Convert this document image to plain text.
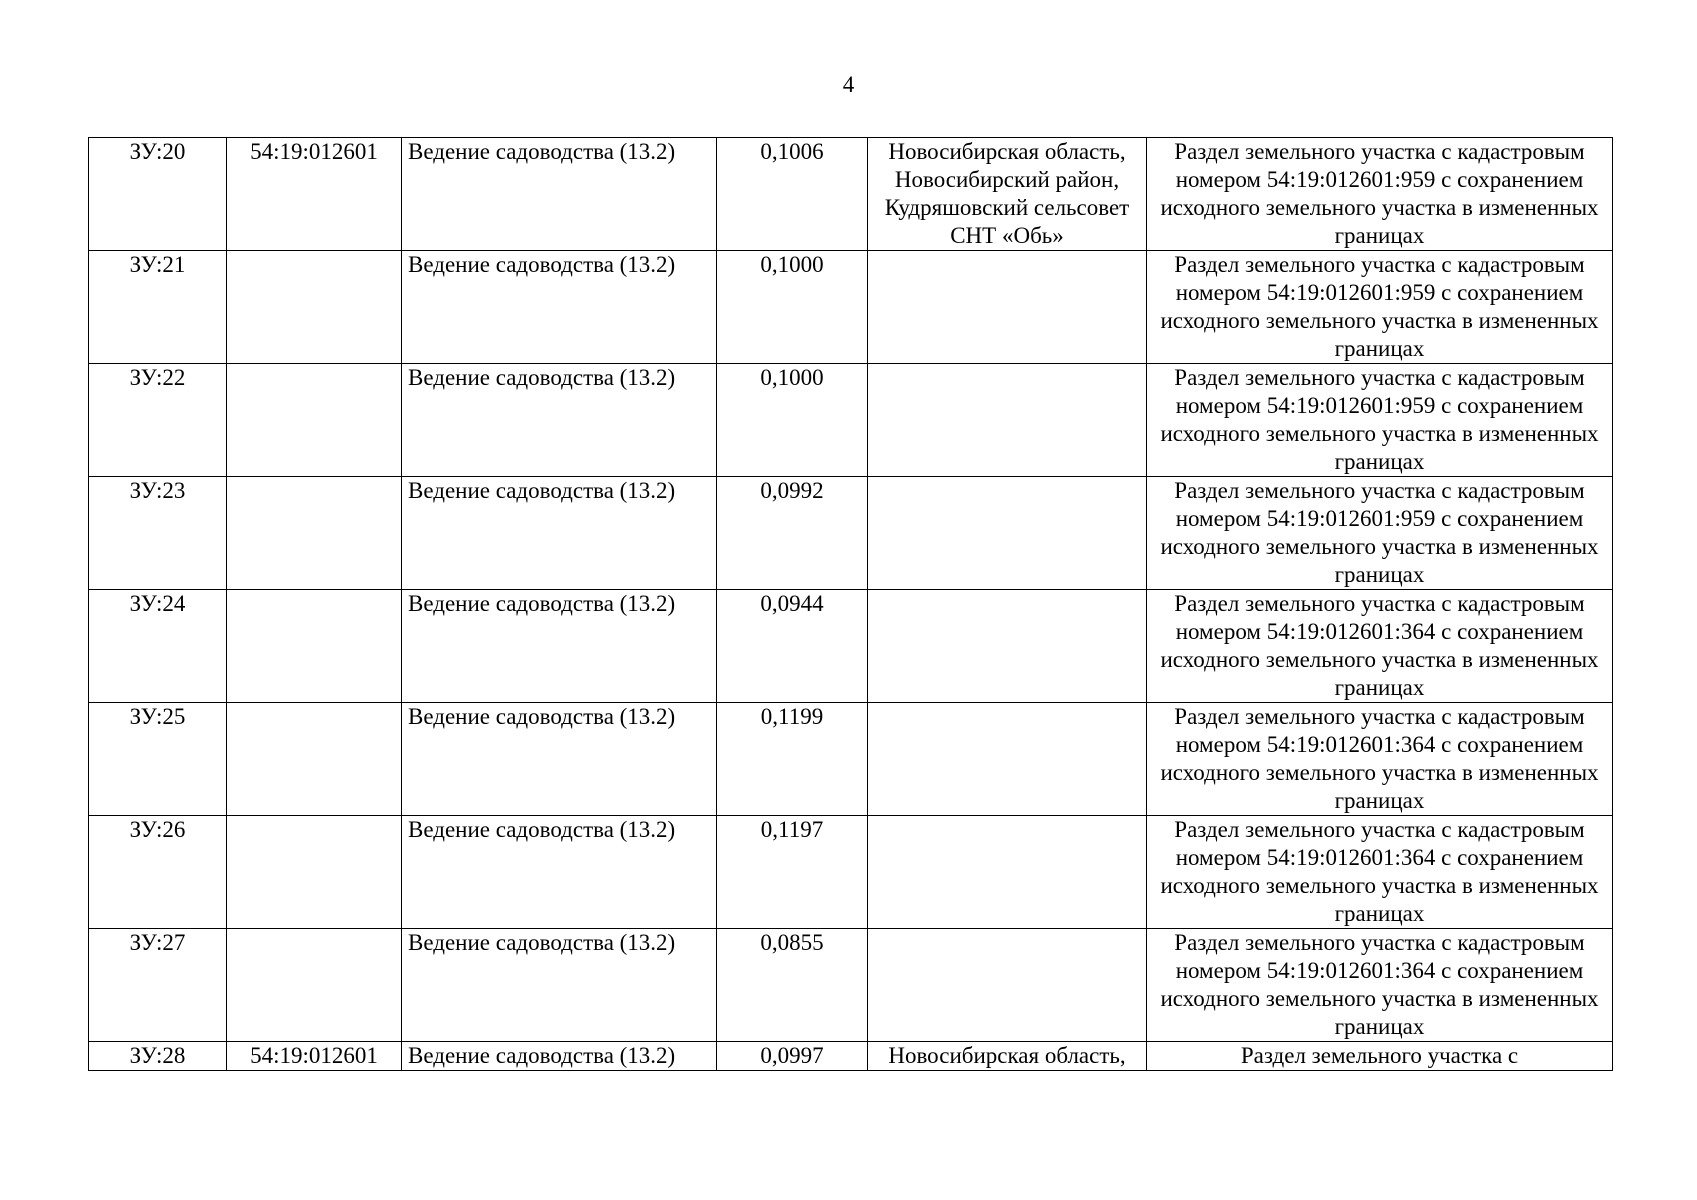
4
ЗУ:20	54:19:012601	Ведение садоводства (13.2)	0,1006	Новосибирская область, Новосибирский район, Кудряшовский сельсовет СНТ «Обь»	Раздел земельного участка с кадастровым номером 54:19:012601:959 с сохранением исходного земельного участка в измененных границах
ЗУ:21		Ведение садоводства (13.2)	0,1000		Раздел земельного участка с кадастровым номером 54:19:012601:959 с сохранением исходного земельного участка в измененных границах
ЗУ:22		Ведение садоводства (13.2)	0,1000		Раздел земельного участка с кадастровым номером 54:19:012601:959 с сохранением исходного земельного участка в измененных границах
ЗУ:23		Ведение садоводства (13.2)	0,0992		Раздел земельного участка с кадастровым номером 54:19:012601:959 с сохранением исходного земельного участка в измененных границах
ЗУ:24		Ведение садоводства (13.2)	0,0944		Раздел земельного участка с кадастровым номером 54:19:012601:364 с сохранением исходного земельного участка в измененных границах
ЗУ:25		Ведение садоводства (13.2)	0,1199		Раздел земельного участка с кадастровым номером 54:19:012601:364 с сохранением исходного земельного участка в измененных границах
ЗУ:26		Ведение садоводства (13.2)	0,1197		Раздел земельного участка с кадастровым номером 54:19:012601:364 с сохранением исходного земельного участка в измененных границах
ЗУ:27		Ведение садоводства (13.2)	0,0855		Раздел земельного участка с кадастровым номером 54:19:012601:364 с сохранением исходного земельного участка в измененных границах
ЗУ:28	54:19:012601	Ведение садоводства (13.2)	0,0997	Новосибирская область,	Раздел земельного участка с
